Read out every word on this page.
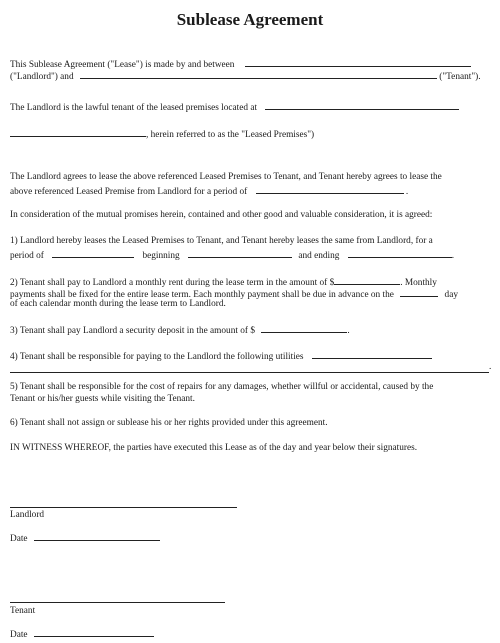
Sublease Agreement
This Sublease Agreement ("Lease") is made by and between
("Landlord") and	("Tenant").
The Landlord is the lawful tenant of the leased premises located at
, herein referred to as the "Leased Premises")
The Landlord agrees to lease the above referenced Leased Premises to Tenant, and Tenant hereby agrees to lease the
above referenced Leased Premise from Landlord for a period of	.
In consideration of the mutual promises herein, contained and other good and valuable consideration, it is agreed:
1) Landlord hereby leases the Leased Premises to Tenant, and Tenant hereby leases the same from Landlord, for a
period of	beginning	and ending	.
2) Tenant shall pay to Landlord a monthly rent during the lease term in the amount of $	. Monthly
payments shall be fixed for the entire lease term. Each monthly payment shall be due in advance on the	day
of each calendar month during the lease term to Landlord.
3) Tenant shall pay Landlord a security deposit in the amount of $	.
4) Tenant shall be responsible for paying to the Landlord the following utilities
.
5) Tenant shall be responsible for the cost of repairs for any damages, whether willful or accidental, caused by the
Tenant or his/her guests while visiting the Tenant.
6) Tenant shall not assign or sublease his or her rights provided under this agreement.
IN WITNESS WHEREOF, the parties have executed this Lease as of the day and year below their signatures.
Landlord
Date
Tenant
Date
